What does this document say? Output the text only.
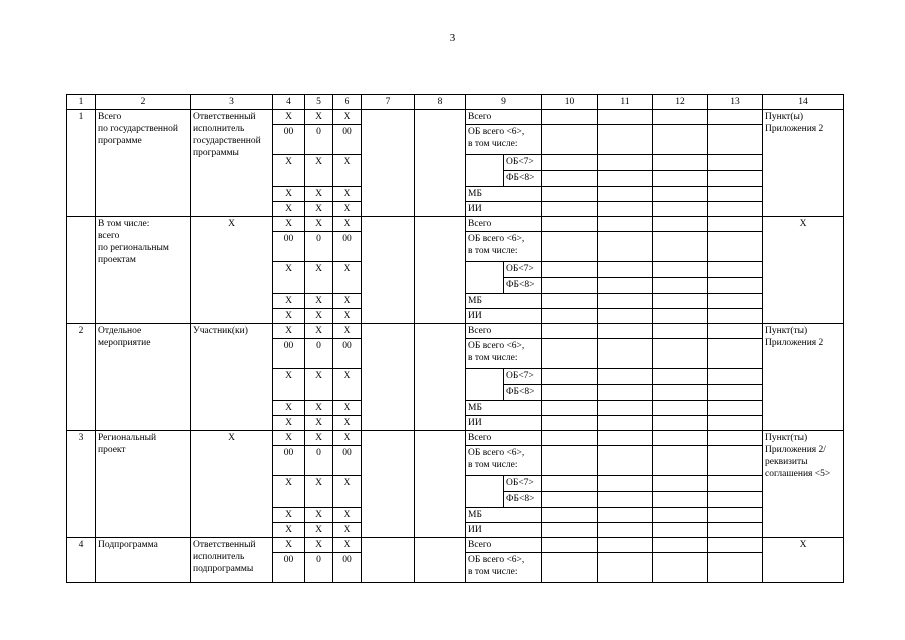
3
1	2	3	4	5	6	7	8	9		10	11	12	13	14
1	Всего
по государственной
программе	Ответственный
исполнитель
государственной
программы	X	X	X			Всего						Пункт(ы)
Приложения 2
			00	0	00			ОБ всего <6>,
в том числе:						
			X	X	X				ОБ<7>					
									ФБ<8>					
			X	X	X			МБ						
			X	X	X			ИИ						
	В том числе:
всего
по региональным
проектам	X	X	X	X			Всего						X
			00	0	00			ОБ всего <6>,
в том числе:						
			X	X	X				ОБ<7>					
									ФБ<8>					
			X	X	X			МБ						
			X	X	X			ИИ						
2	Отдельное
мероприятие	Участник(ки)	X	X	X			Всего						Пункт(ты)
Приложения 2
			00	0	00			ОБ всего <6>,
в том числе:						
			X	X	X				ОБ<7>					
									ФБ<8>					
			X	X	X			МБ						
			X	X	X			ИИ						
3	Региональный
проект	X	X	X	X			Всего						Пункт(ты)
Приложения 2/
реквизиты
соглашения <5>
			00	0	00			ОБ всего <6>,
в том числе:						
			X	X	X				ОБ<7>					
									ФБ<8>					
			X	X	X			МБ						
			X	X	X			ИИ						
4	Подпрограмма	Ответственный
исполнитель
подпрограммы	X	X	X			Всего						X
			00	0	00			ОБ всего <6>,
в том числе:						
